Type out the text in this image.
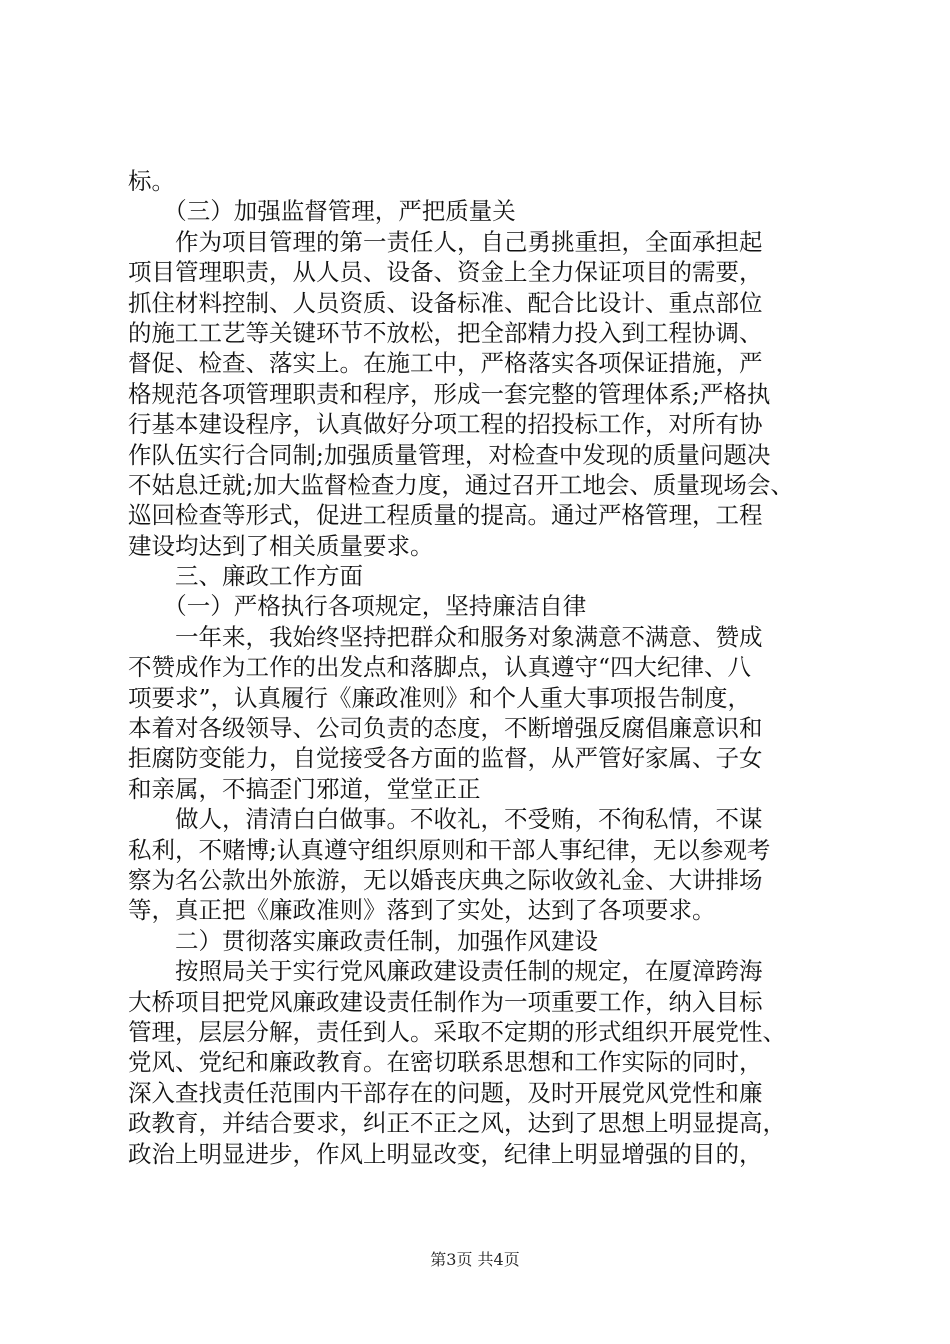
标。
　　（三）加强监督管理，严把质量关
　　作为项目管理的第一责任人，自己勇挑重担，全面承担起
项目管理职责，从人员、设备、资金上全力保证项目的需要，
抓住材料控制、人员资质、设备标准、配合比设计、重点部位
的施工工艺等关键环节不放松，把全部精力投入到工程协调、
督促、检查、落实上。在施工中，严格落实各项保证措施，严
格规范各项管理职责和程序，形成一套完整的管理体系;严格执
行基本建设程序，认真做好分项工程的招投标工作，对所有协
作队伍实行合同制;加强质量管理，对检查中发现的质量问题决
不姑息迁就;加大监督检查力度，通过召开工地会、质量现场会、
巡回检查等形式，促进工程质量的提高。通过严格管理，工程
建设均达到了相关质量要求。
　　三、廉政工作方面
　　（一）严格执行各项规定，坚持廉洁自律
　　一年来，我始终坚持把群众和服务对象满意不满意、赞成
不赞成作为工作的出发点和落脚点，认真遵守“四大纪律、八
项要求”，认真履行《廉政准则》和个人重大事项报告制度，
本着对各级领导、公司负责的态度，不断增强反腐倡廉意识和
拒腐防变能力，自觉接受各方面的监督，从严管好家属、子女
和亲属，不搞歪门邪道，堂堂正正
　　做人，清清白白做事。不收礼，不受贿，不徇私情，不谋
私利，不赌博;认真遵守组织原则和干部人事纪律，无以参观考
察为名公款出外旅游，无以婚丧庆典之际收敛礼金、大讲排场
等，真正把《廉政准则》落到了实处，达到了各项要求。
　　二）贯彻落实廉政责任制，加强作风建设
　　按照局关于实行党风廉政建设责任制的规定，在厦漳跨海
大桥项目把党风廉政建设责任制作为一项重要工作，纳入目标
管理，层层分解，责任到人。采取不定期的形式组织开展党性、
党风、党纪和廉政教育。在密切联系思想和工作实际的同时，
深入查找责任范围内干部存在的问题，及时开展党风党性和廉
政教育，并结合要求，纠正不正之风，达到了思想上明显提高，
政治上明显进步，作风上明显改变，纪律上明显增强的目的，
第3页 共4页
